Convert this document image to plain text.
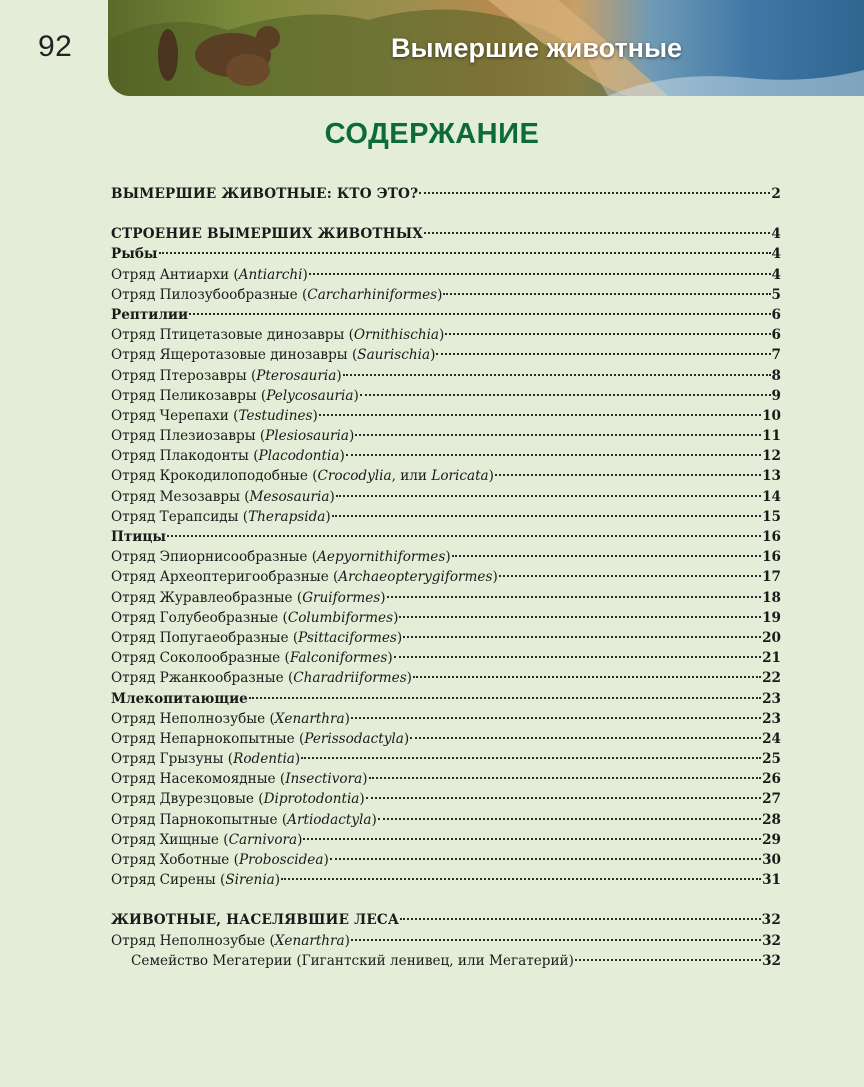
92	Вымершие животные
СОДЕРЖАНИЕ
ВЫМЕРШИЕ ЖИВОТНЫЕ: КТО ЭТО?	2
СТРОЕНИЕ ВЫМЕРШИХ ЖИВОТНЫХ	4
Рыбы	4
Отряд Антиархи (Antiarchi)	4
Отряд Пилозубообразные (Carcharhiniformes)	5
Рептилии	6
Отряд Птицетазовые динозавры (Ornithischia)	6
Отряд Ящеротазовые динозавры (Saurischia)	7
Отряд Птерозавры (Pterosauria)	8
Отряд Пеликозавры (Pelycosauria)	9
Отряд Черепахи (Testudines)	10
Отряд Плезиозавры (Plesiosauria)	11
Отряд Плакодонты (Placodontia)	12
Отряд Крокодилоподобные (Crocodylia, или Loricata)	13
Отряд Мезозавры (Mesosauria)	14
Отряд Терапсиды (Therapsida)	15
Птицы	16
Отряд Эпиорнисообразные (Aepyornithiformes)	16
Отряд Археоптеригообразные (Archaeopterygiformes)	17
Отряд Журавлеобразные (Gruiformes)	18
Отряд Голубеобразные (Columbiformes)	19
Отряд Попугаеобразные (Psittaciformes)	20
Отряд Соколообразные (Falconiformes)	21
Отряд Ржанкообразные (Charadriiformes)	22
Млекопитающие	23
Отряд Неполнозубые (Xenarthra)	23
Отряд Непарнокопытные (Perissodactyla)	24
Отряд Грызуны (Rodentia)	25
Отряд Насекомоядные (Insectivora)	26
Отряд Двурезцовые (Diprotodontia)	27
Отряд Парнокопытные (Artiodactyla)	28
Отряд Хищные (Carnivora)	29
Отряд Хоботные (Proboscidea)	30
Отряд Сирены (Sirenia)	31
ЖИВОТНЫЕ, НАСЕЛЯВШИЕ ЛЕСА	32
Отряд Неполнозубые (Xenarthra)	32
Семейство Мегатерии (Гигантский ленивец, или Мегатерий)	32
